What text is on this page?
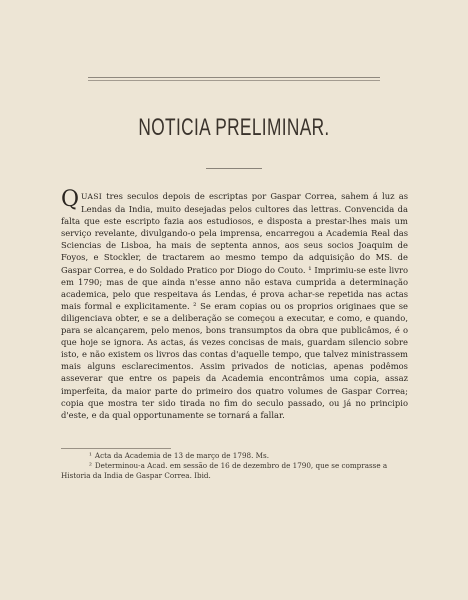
NOTICIA PRELIMINAR.
QUASI tres seculos depois de escriptas por Gaspar Correa, sahem á luz as Lendas da India, muito desejadas pelos cultores das lettras. Convencida da falta que este escripto fazia aos estudiosos, e disposta a prestar-lhes mais um serviço revelante, divulgando-o pela imprensa, encarregou a Academia Real das Sciencias de Lisboa, ha mais de septenta annos, aos seus socios Joaquim de Foyos, e Stockler, de tractarem ao mesmo tempo da adquisição do MS. de Gaspar Correa, e do Soldado Pratico por Diogo do Couto. ¹ Imprimiu-se este livro em 1790; mas de que ainda n'esse anno não estava cumprida a determinação academica, pelo que respeitava ás Lendas, é prova achar-se repetida nas actas mais formal e explicitamente. ² Se eram copias ou os proprios originaes que se diligenciava obter, e se a deliberação se começou a executar, e como, e quando, para se alcançarem, pelo menos, bons transumptos da obra que publicâmos, é o que hoje se ignora. As actas, ás vezes concisas de mais, guardam silencio sobre isto, e não existem os livros das contas d'aquelle tempo, que talvez ministrassem mais alguns esclarecimentos. Assim privados de noticias, apenas podêmos asseverar que entre os papeis da Academia encontrâmos uma copia, assaz imperfeita, da maior parte do primeiro dos quatro volumes de Gaspar Correa; copia que mostra ter sido tirada no fim do seculo passado, ou já no principio d'este, e da qual opportunamente se tornará a fallar.

¹ Acta da Academia de 13 de março de 1798. Ms.

² Determinou-a Acad. em sessão de 16 de dezembro de 1790, que se comprasse a Historia da India de Gaspar Correa. Ibid.
